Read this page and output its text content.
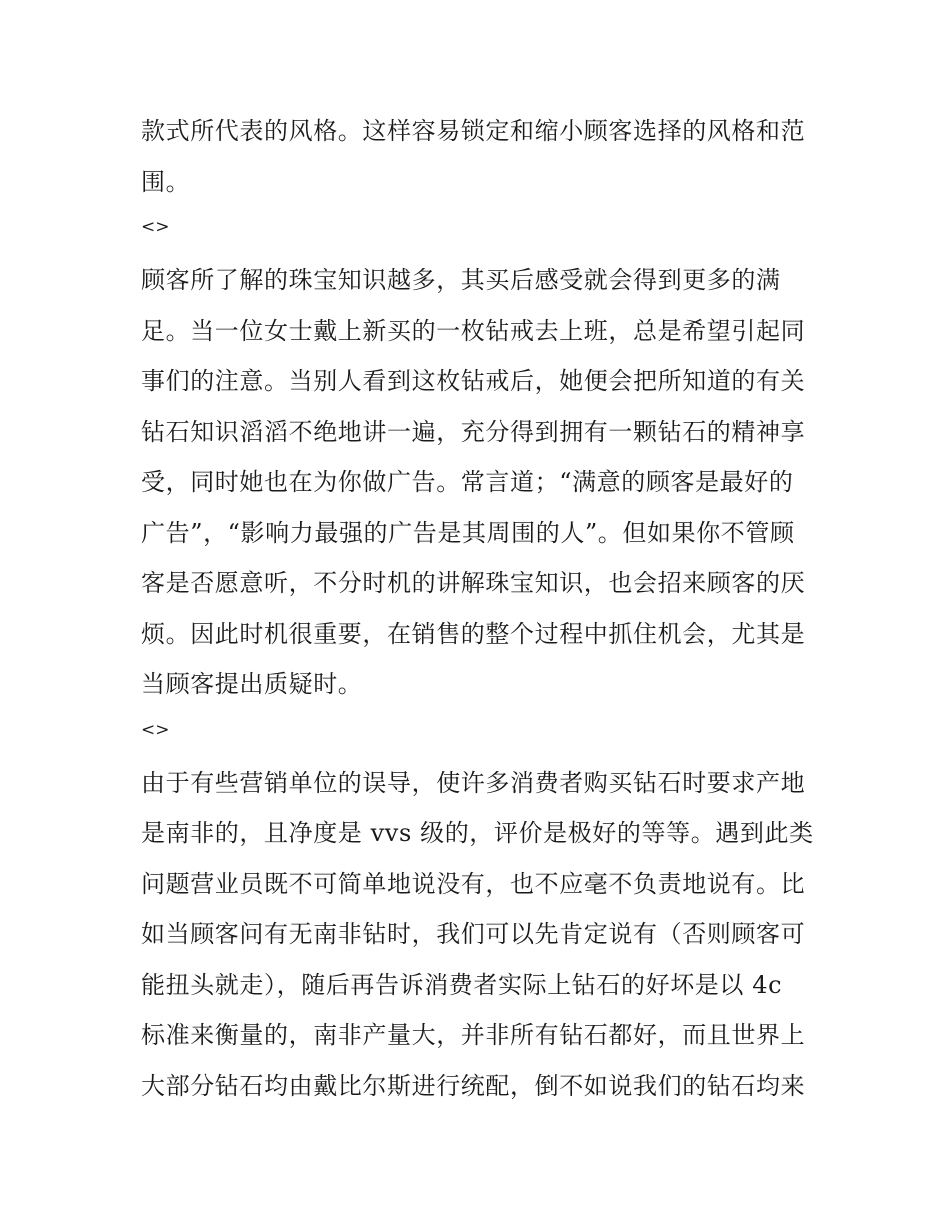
款式所代表的风格。这样容易锁定和缩小顾客选择的风格和范
围。
<>
顾客所了解的珠宝知识越多，其买后感受就会得到更多的满
足。当一位女士戴上新买的一枚钻戒去上班，总是希望引起同
事们的注意。当别人看到这枚钻戒后，她便会把所知道的有关
钻石知识滔滔不绝地讲一遍，充分得到拥有一颗钻石的精神享
受，同时她也在为你做广告。常言道；“满意的顾客是最好的
广告”，“影响力最强的广告是其周围的人”。但如果你不管顾
客是否愿意听，不分时机的讲解珠宝知识，也会招来顾客的厌
烦。因此时机很重要，在销售的整个过程中抓住机会，尤其是
当顾客提出质疑时。
<>
由于有些营销单位的误导，使许多消费者购买钻石时要求产地
是南非的，且净度是 vvs 级的，评价是极好的等等。遇到此类
问题营业员既不可简单地说没有，也不应毫不负责地说有。比
如当顾客问有无南非钻时，我们可以先肯定说有（否则顾客可
能扭头就走），随后再告诉消费者实际上钻石的好坏是以 4c
标准来衡量的，南非产量大，并非所有钻石都好，而且世界上
大部分钻石均由戴比尔斯进行统配，倒不如说我们的钻石均来
